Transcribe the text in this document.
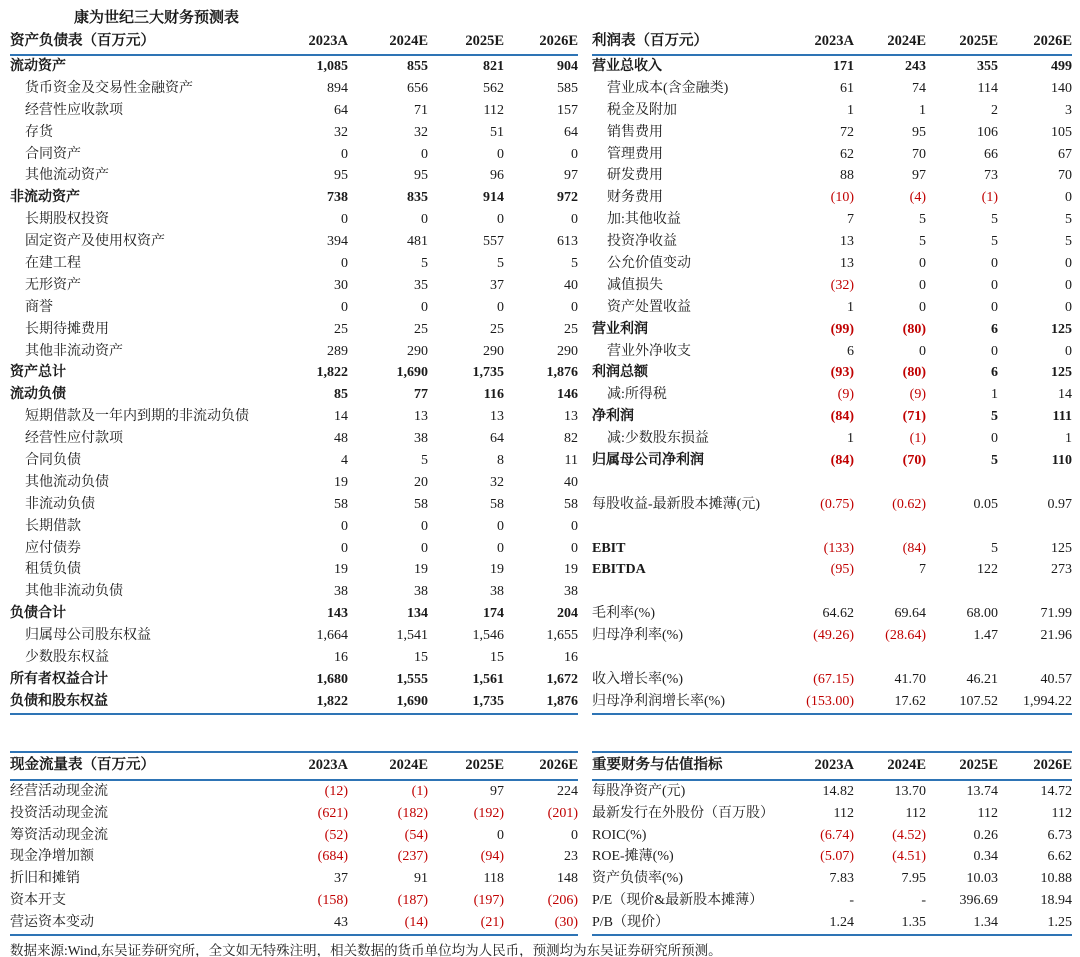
康为世纪三大财务预测表
资产负债表（百万元）	2023A	2024E	2025E	2026E
流动资产	1,085	855	821	904
货币资金及交易性金融资产	894	656	562	585
经营性应收款项	64	71	112	157
存货	32	32	51	64
合同资产	0	0	0	0
其他流动资产	95	95	96	97
非流动资产	738	835	914	972
长期股权投资	0	0	0	0
固定资产及使用权资产	394	481	557	613
在建工程	0	5	5	5
无形资产	30	35	37	40
商誉	0	0	0	0
长期待摊费用	25	25	25	25
其他非流动资产	289	290	290	290
资产总计	1,822	1,690	1,735	1,876
流动负债	85	77	116	146
短期借款及一年内到期的非流动负债	14	13	13	13
经营性应付款项	48	38	64	82
合同负债	4	5	8	11
其他流动负债	19	20	32	40
非流动负债	58	58	58	58
长期借款	0	0	0	0
应付债券	0	0	0	0
租赁负债	19	19	19	19
其他非流动负债	38	38	38	38
负债合计	143	134	174	204
归属母公司股东权益	1,664	1,541	1,546	1,655
少数股东权益	16	15	15	16
所有者权益合计	1,680	1,555	1,561	1,672
负债和股东权益	1,822	1,690	1,735	1,876
利润表（百万元）	2023A	2024E	2025E	2026E
营业总收入	171	243	355	499
营业成本(含金融类)	61	74	114	140
税金及附加	1	1	2	3
销售费用	72	95	106	105
管理费用	62	70	66	67
研发费用	88	97	73	70
财务费用	(10)	(4)	(1)	0
加:其他收益	7	5	5	5
投资净收益	13	5	5	5
公允价值变动	13	0	0	0
减值损失	(32)	0	0	0
资产处置收益	1	0	0	0
营业利润	(99)	(80)	6	125
营业外净收支	6	0	0	0
利润总额	(93)	(80)	6	125
减:所得税	(9)	(9)	1	14
净利润	(84)	(71)	5	111
减:少数股东损益	1	(1)	0	1
归属母公司净利润	(84)	(70)	5	110
每股收益-最新股本摊薄(元)	(0.75)	(0.62)	0.05	0.97
EBIT	(133)	(84)	5	125
EBITDA	(95)	7	122	273
毛利率(%)	64.62	69.64	68.00	71.99
归母净利率(%)	(49.26)	(28.64)	1.47	21.96
收入增长率(%)	(67.15)	41.70	46.21	40.57
归母净利润增长率(%)	(153.00)	17.62	107.52	1,994.22
现金流量表（百万元）	2023A	2024E	2025E	2026E
经营活动现金流	(12)	(1)	97	224
投资活动现金流	(621)	(182)	(192)	(201)
筹资活动现金流	(52)	(54)	0	0
现金净增加额	(684)	(237)	(94)	23
折旧和摊销	37	91	118	148
资本开支	(158)	(187)	(197)	(206)
营运资本变动	43	(14)	(21)	(30)
重要财务与估值指标	2023A	2024E	2025E	2026E
每股净资产(元)	14.82	13.70	13.74	14.72
最新发行在外股份（百万股）	112	112	112	112
ROIC(%)	(6.74)	(4.52)	0.26	6.73
ROE-摊薄(%)	(5.07)	(4.51)	0.34	6.62
资产负债率(%)	7.83	7.95	10.03	10.88
P/E（现价&最新股本摊薄）	-	-	396.69	18.94
P/B（现价）	1.24	1.35	1.34	1.25
数据来源:Wind,东吴证券研究所，全文如无特殊注明，相关数据的货币单位均为人民币，预测均为东吴证券研究所预测。
